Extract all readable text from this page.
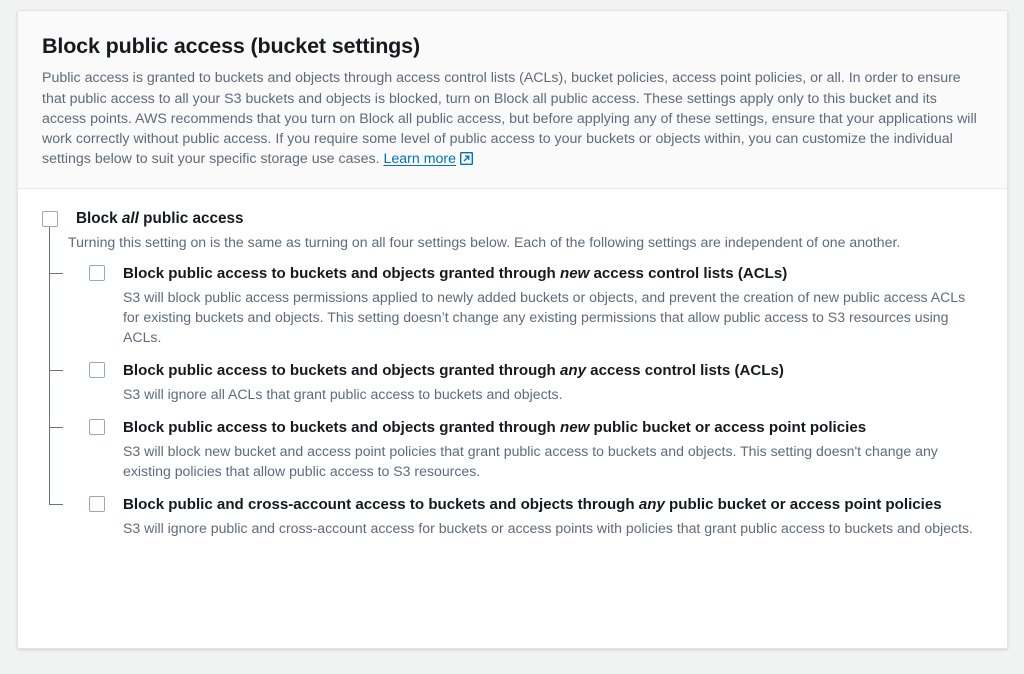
Block public access (bucket settings)

Public access is granted to buckets and objects through access control lists (ACLs), bucket policies, access point policies, or all. In order to ensure that public access to all your S3 buckets and objects is blocked, turn on Block all public access. These settings apply only to this bucket and its access points. AWS recommends that you turn on Block all public access, but before applying any of these settings, ensure that your applications will work correctly without public access. If you require some level of public access to your buckets or objects within, you can customize the individual settings below to suit your specific storage use cases. Learn more

Block all public access
Turning this setting on is the same as turning on all four settings below. Each of the following settings are independent of one another.
Block public access to buckets and objects granted through new access control lists (ACLs)
S3 will block public access permissions applied to newly added buckets or objects, and prevent the creation of new public access ACLs for existing buckets and objects. This setting doesn’t change any existing permissions that allow public access to S3 resources using ACLs.
Block public access to buckets and objects granted through any access control lists (ACLs)
S3 will ignore all ACLs that grant public access to buckets and objects.
Block public access to buckets and objects granted through new public bucket or access point policies
S3 will block new bucket and access point policies that grant public access to buckets and objects. This setting doesn't change any existing policies that allow public access to S3 resources.
Block public and cross-account access to buckets and objects through any public bucket or access point policies
S3 will ignore public and cross-account access for buckets or access points with policies that grant public access to buckets and objects.
